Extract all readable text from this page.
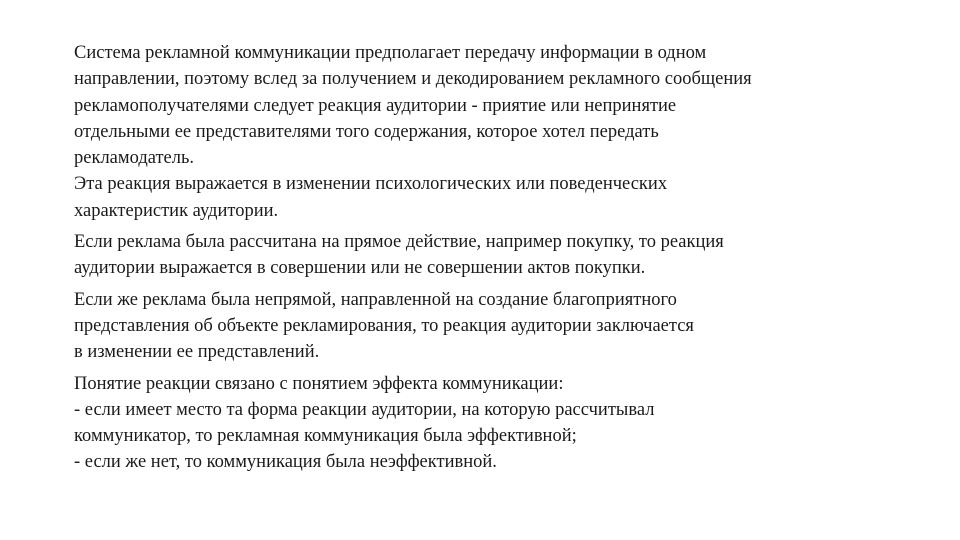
Система рекламной коммуникации предполагает передачу информации в одном
направлении, поэтому вслед за получением и декодированием рекламного сообщения
рекламополучателями следует реакция аудитории - приятие или непринятие
отдельными ее представителями того содержания, которое хотел передать
рекламодатель.
Эта реакция выражается в изменении психологических или поведенческих
характеристик аудитории.

Если реклама была рассчитана на прямое действие, например покупку, то реакция
аудитории выражается в совершении или не совершении актов покупки.

Если же реклама была непрямой, направленной на создание благоприятного
представления об объекте рекламирования, то реакция аудитории заключается
в изменении ее представлений.

Понятие реакции связано с понятием эффекта коммуникации:
- если имеет место та форма реакции аудитории, на которую рассчитывал
коммуникатор, то рекламная коммуникация была эффективной;
- если же нет, то коммуникация была неэффективной.
